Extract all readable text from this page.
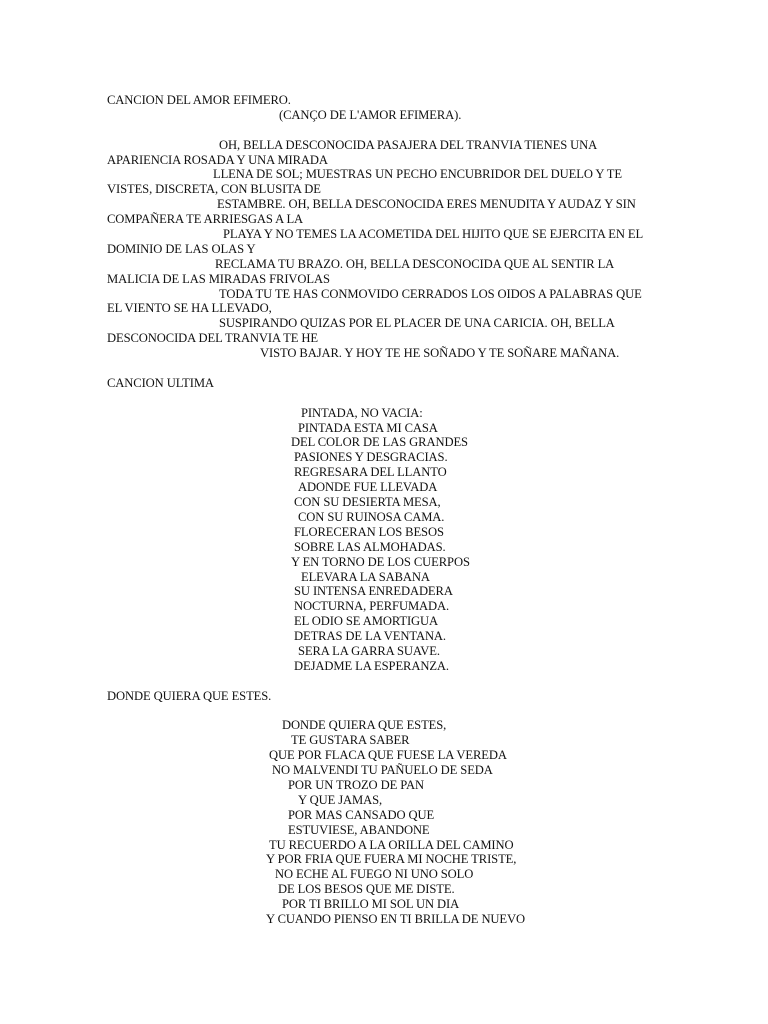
CANCION DEL AMOR EFIMERO.
(CANÇO DE L'AMOR EFIMERA).
OH, BELLA DESCONOCIDA PASAJERA DEL TRANVIA TIENES UNA
APARIENCIA ROSADA Y UNA MIRADA
LLENA DE SOL; MUESTRAS UN PECHO ENCUBRIDOR DEL DUELO Y TE
VISTES, DISCRETA, CON BLUSITA DE
ESTAMBRE. OH, BELLA DESCONOCIDA ERES MENUDITA Y AUDAZ Y SIN
COMPAÑERA TE ARRIESGAS A LA
PLAYA Y NO TEMES LA ACOMETIDA DEL HIJITO QUE SE EJERCITA EN EL
DOMINIO DE LAS OLAS Y
RECLAMA TU BRAZO. OH, BELLA DESCONOCIDA QUE AL SENTIR LA
MALICIA DE LAS MIRADAS FRIVOLAS
TODA TU TE HAS CONMOVIDO CERRADOS LOS OIDOS A PALABRAS QUE
EL VIENTO SE HA LLEVADO,
SUSPIRANDO QUIZAS POR EL PLACER DE UNA CARICIA. OH, BELLA
DESCONOCIDA DEL TRANVIA TE HE
VISTO BAJAR. Y HOY TE HE SOÑADO Y TE SOÑARE MAÑANA.
CANCION ULTIMA
PINTADA, NO VACIA:
PINTADA ESTA MI CASA
DEL COLOR DE LAS GRANDES
PASIONES Y DESGRACIAS.
REGRESARA DEL LLANTO
ADONDE FUE LLEVADA
CON SU DESIERTA MESA,
CON SU RUINOSA CAMA.
FLORECERAN LOS BESOS
SOBRE LAS ALMOHADAS.
Y EN TORNO DE LOS CUERPOS
ELEVARA LA SABANA
SU INTENSA ENREDADERA
NOCTURNA, PERFUMADA.
EL ODIO SE AMORTIGUA
DETRAS DE LA VENTANA.
SERA LA GARRA SUAVE.
DEJADME LA ESPERANZA.
DONDE QUIERA QUE ESTES.
DONDE QUIERA QUE ESTES,
TE GUSTARA SABER
QUE POR FLACA QUE FUESE LA VEREDA
NO MALVENDI TU PAÑUELO DE SEDA
POR UN TROZO DE PAN
Y QUE JAMAS,
POR MAS CANSADO QUE
ESTUVIESE, ABANDONE
TU RECUERDO A LA ORILLA DEL CAMINO
Y POR FRIA QUE FUERA MI NOCHE TRISTE,
NO ECHE AL FUEGO NI UNO SOLO
DE LOS BESOS QUE ME DISTE.
POR TI BRILLO MI SOL UN DIA
Y CUANDO PIENSO EN TI BRILLA DE NUEVO
